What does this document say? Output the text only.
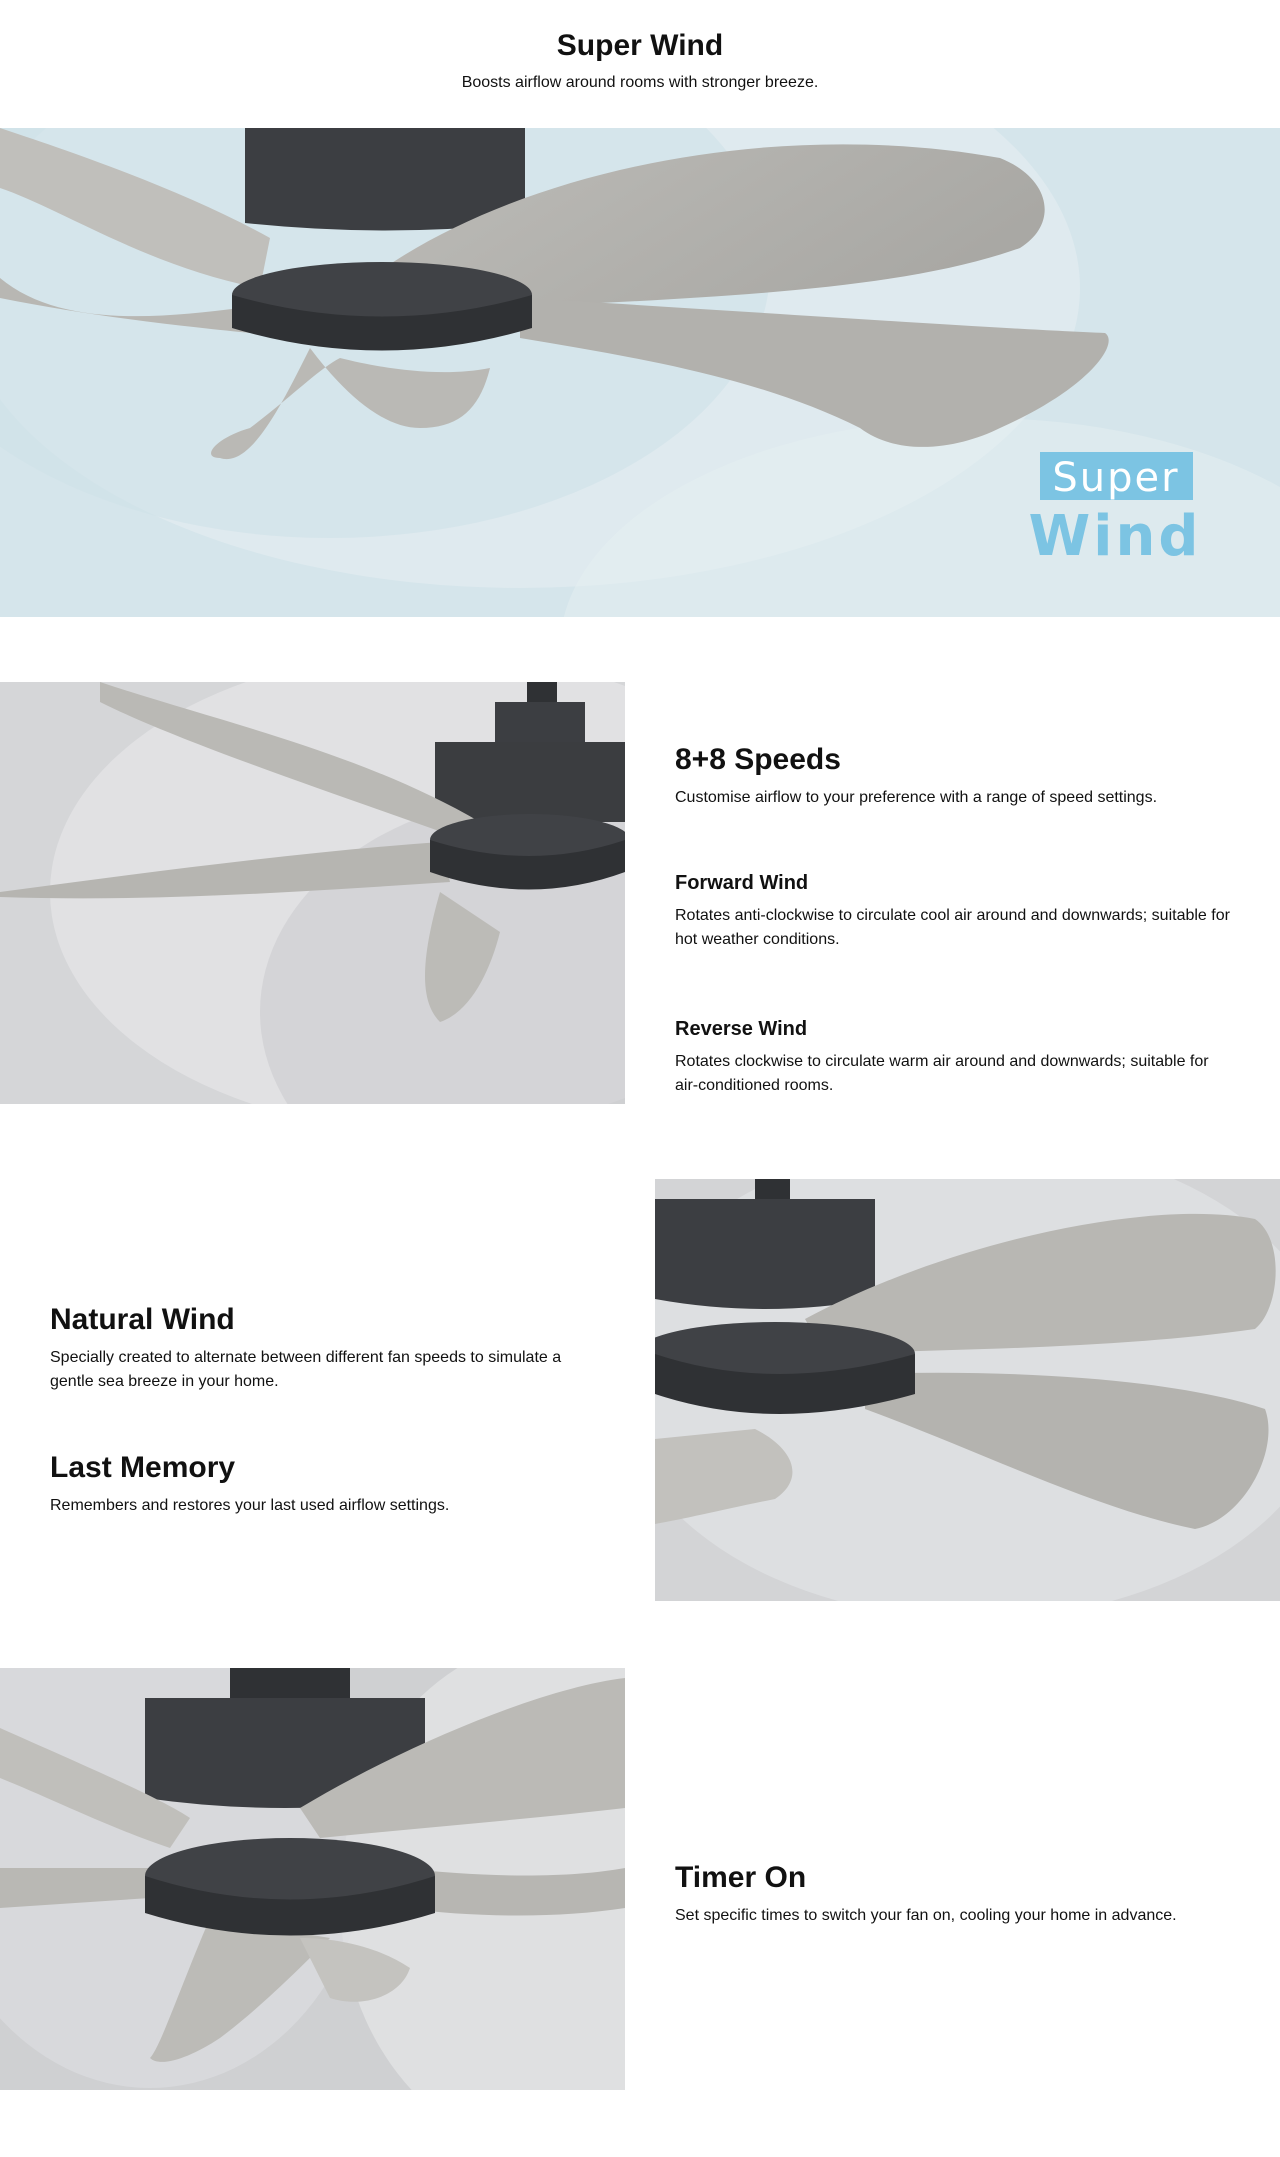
Super Wind

Boosts airflow around rooms with stronger breeze.

Super
Wind
8+8 Speeds

Customise airflow to your preference with a range of speed settings.

Forward Wind

Rotates anti-clockwise to circulate cool air around and downwards; suitable for hot weather conditions.

Reverse Wind

Rotates clockwise to circulate warm air around and downwards; suitable for air-conditioned rooms.

Natural Wind

Specially created to alternate between different fan speeds to simulate a gentle sea breeze in your home.

Last Memory

Remembers and restores your last used airflow settings.

Timer On

Set specific times to switch your fan on, cooling your home in advance.
